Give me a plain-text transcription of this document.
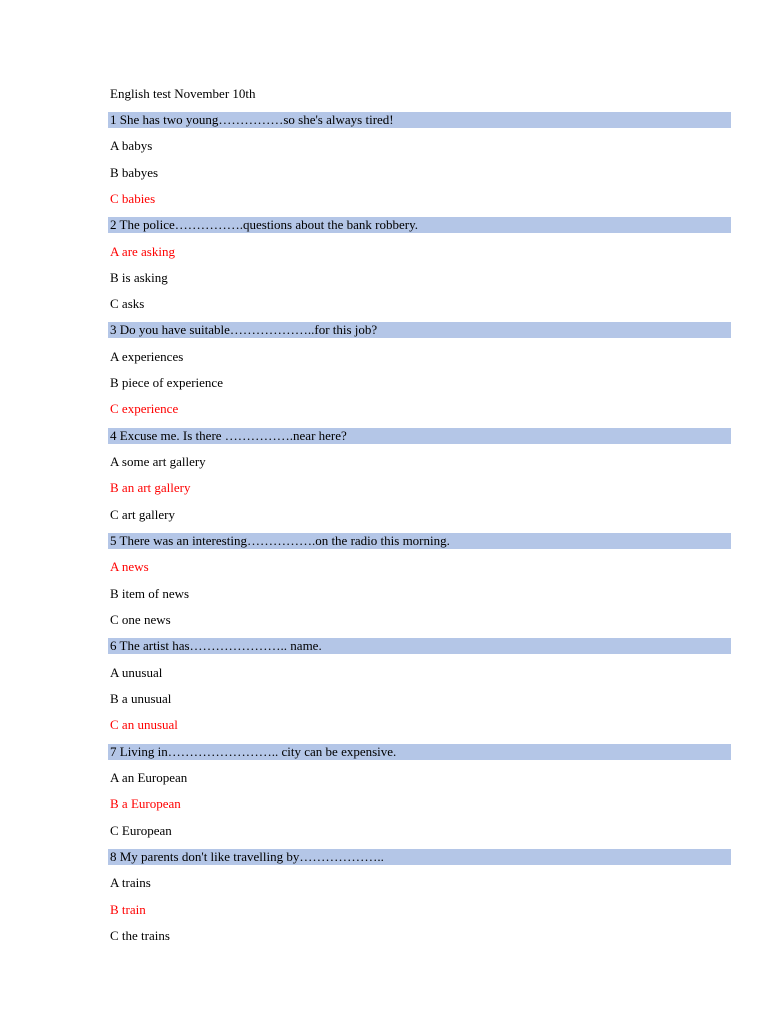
English test November 10th
1 She has two young……………so she's always tired!
A babys
B babyes
C babies
2 The police…………….questions about the bank robbery.
A are asking
B is asking
C asks
3 Do you have suitable………………..for this job?
A experiences
B piece of experience
C experience
4 Excuse me. Is there …………….near here?
A some art gallery
B an art gallery
C art gallery
5 There was an interesting…………….on the radio this morning.
A news
B item of news
C one news
6 The artist has………………….. name.
A unusual
B a unusual
C an unusual
7 Living in…………………….. city can be expensive.
A an European
B a European
C European
8 My parents don't like travelling by………………..
A trains
B train
C the trains
